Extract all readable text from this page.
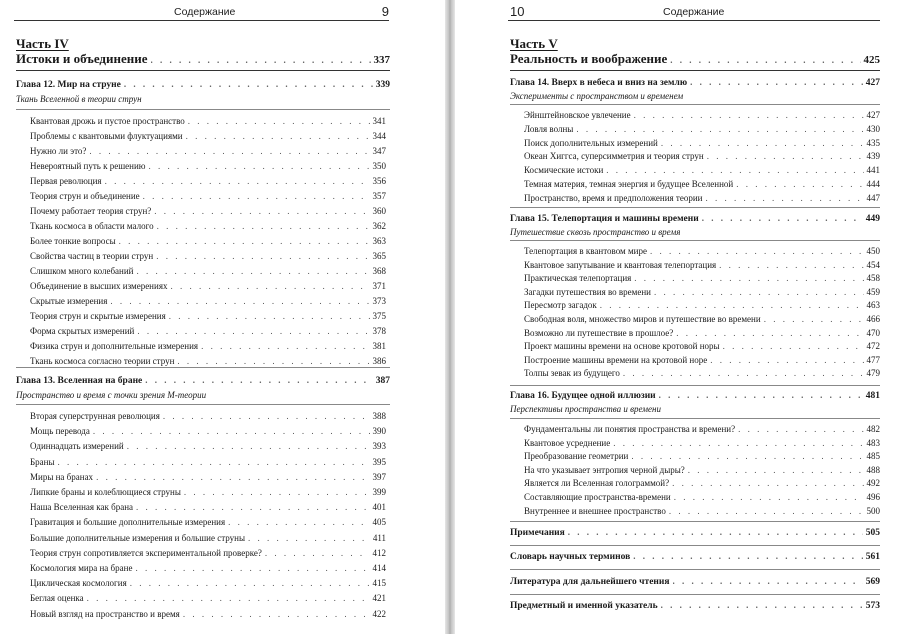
Содержание	9
Часть IV
Истоки и объединение . . .	337
Глава 12. Мир на струне . . .	339
Ткань Вселенной в теории струн
Квантовая дрожь и пустое пространство . . .	341
Проблемы с квантовыми флуктуациями . . .	344
Нужно ли это? . . .	347
Невероятный путь к решению . . .	350
Первая революция . . .	356
Теория струн и объединение . . .	357
Почему работает теория струн? . . .	360
Ткань космоса в области малого . . .	362
Более тонкие вопросы . . .	363
Свойства частиц в теории струн . . .	365
Слишком много колебаний . . .	368
Объединение в высших измерениях . . .	371
Скрытые измерения . . .	373
Теория струн и скрытые измерения . . .	375
Форма скрытых измерений . . .	378
Физика струн и дополнительные измерения . . .	381
Ткань космоса согласно теории струн . . .	386
Глава 13. Вселенная на бране . . .	387
Пространство и время с точки зрения M-теории
Вторая суперструнная революция . . .	388
Мощь перевода . . .	390
Одиннадцать измерений . . .	393
Браны . . .	395
Миры на бранах . . .	397
Липкие браны и колеблющиеся струны . . .	399
Наша Вселенная как брана . . .	401
Гравитация и большие дополнительные измерения . . .	405
Большие дополнительные измерения и большие струны . . .	411
Теория струн сопротивляется экспериментальной проверке? . . .	412
Космология мира на бране . . .	414
Циклическая космология . . .	415
Беглая оценка . . .	421
Новый взгляд на пространство и время . . .	422
10	Содержание
Часть V
Реальность и воображение . . .	425
Глава 14. Вверх в небеса и вниз на землю . . .	427
Эксперименты с пространством и временем
Эйнштейновское увлечение . . .	427
Ловля волны . . .	430
Поиск дополнительных измерений . . .	435
Океан Хиггса, суперсимметрия и теория струн . . .	439
Космические истоки . . .	441
Темная материя, темная энергия и будущее Вселенной . . .	444
Пространство, время и предположения теории . . .	447
Глава 15. Телепортация и машины времени . . .	449
Путешествие сквозь пространство и время
Телепортация в квантовом мире . . .	450
Квантовое запутывание и квантовая телепортация . . .	454
Практическая телепортация . . .	458
Загадки путешествия во времени . . .	459
Пересмотр загадок . . .	463
Свободная воля, множество миров и путешествие во времени . . .	466
Возможно ли путешествие в прошлое? . . .	470
Проект машины времени на основе кротовой норы . . .	472
Построение машины времени на кротовой норе . . .	477
Толпы зевак из будущего . . .	479
Глава 16. Будущее одной иллюзии . . .	481
Перспективы пространства и времени
Фундаментальны ли понятия пространства и времени? . . .	482
Квантовое усреднение . . .	483
Преобразование геометрии . . .	485
На что указывает энтропия черной дыры? . . .	488
Является ли Вселенная голограммой? . . .	492
Составляющие пространства-времени . . .	496
Внутреннее и внешнее пространство . . .	500
Примечания . . .	505
Словарь научных терминов . . .	561
Литература для дальнейшего чтения . . .	569
Предметный и именной указатель . . .	573
